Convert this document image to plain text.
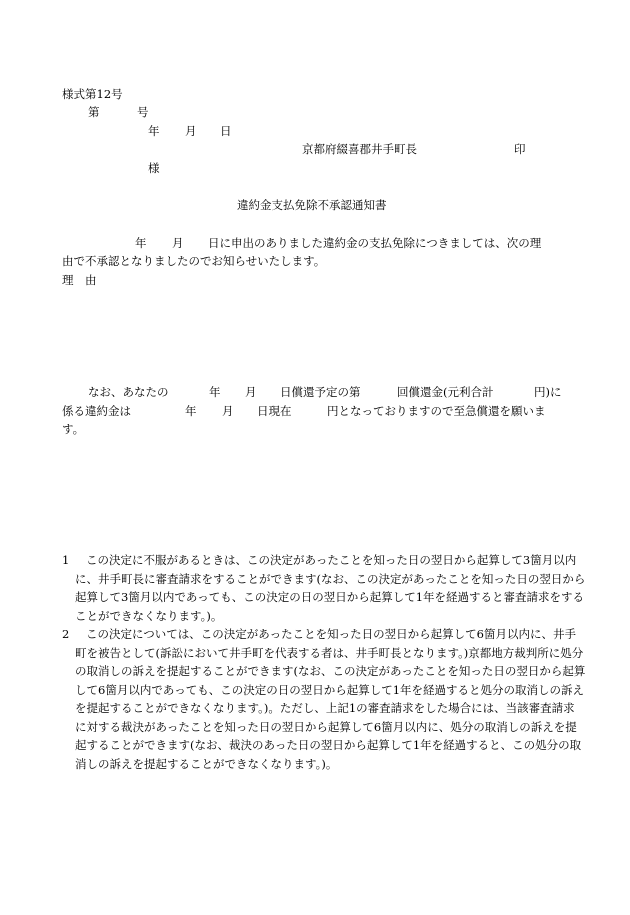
様式第12号
第	号
年 月 日
京都府綴喜郡井手町長	印
様
違約金支払免除不承認通知書
年 月 日に申出のありました違約金の支払免除につきましては、次の理
由で不承認となりましたのでお知らせいたします。
理　由
なお、あなたの	年 月 日償還予定の第	回償還金(元利合計	円)に
係る違約金は	年 月 日現在	円となっておりますので至急償還を願いま
す。
1 この決定に不服があるときは、この決定があったことを知った日の翌日から起算して3箇月以内に、井手町長に審査請求をすることができます(なお、この決定があったことを知った日の翌日から起算して3箇月以内であっても、この決定の日の翌日から起算して1年を経過すると審査請求をすることができなくなります。)。
2 この決定については、この決定があったことを知った日の翌日から起算して6箇月以内に、井手町を被告として(訴訟において井手町を代表する者は、井手町長となります。)京都地方裁判所に処分の取消しの訴えを提起することができます(なお、この決定があったことを知った日の翌日から起算して6箇月以内であっても、この決定の日の翌日から起算して1年を経過すると処分の取消しの訴えを提起することができなくなります。)。ただし、上記1の審査請求をした場合には、当該審査請求に対する裁決があったことを知った日の翌日から起算して6箇月以内に、処分の取消しの訴えを提起することができます(なお、裁決のあった日の翌日から起算して1年を経過すると、この処分の取消しの訴えを提起することができなくなります。)。
